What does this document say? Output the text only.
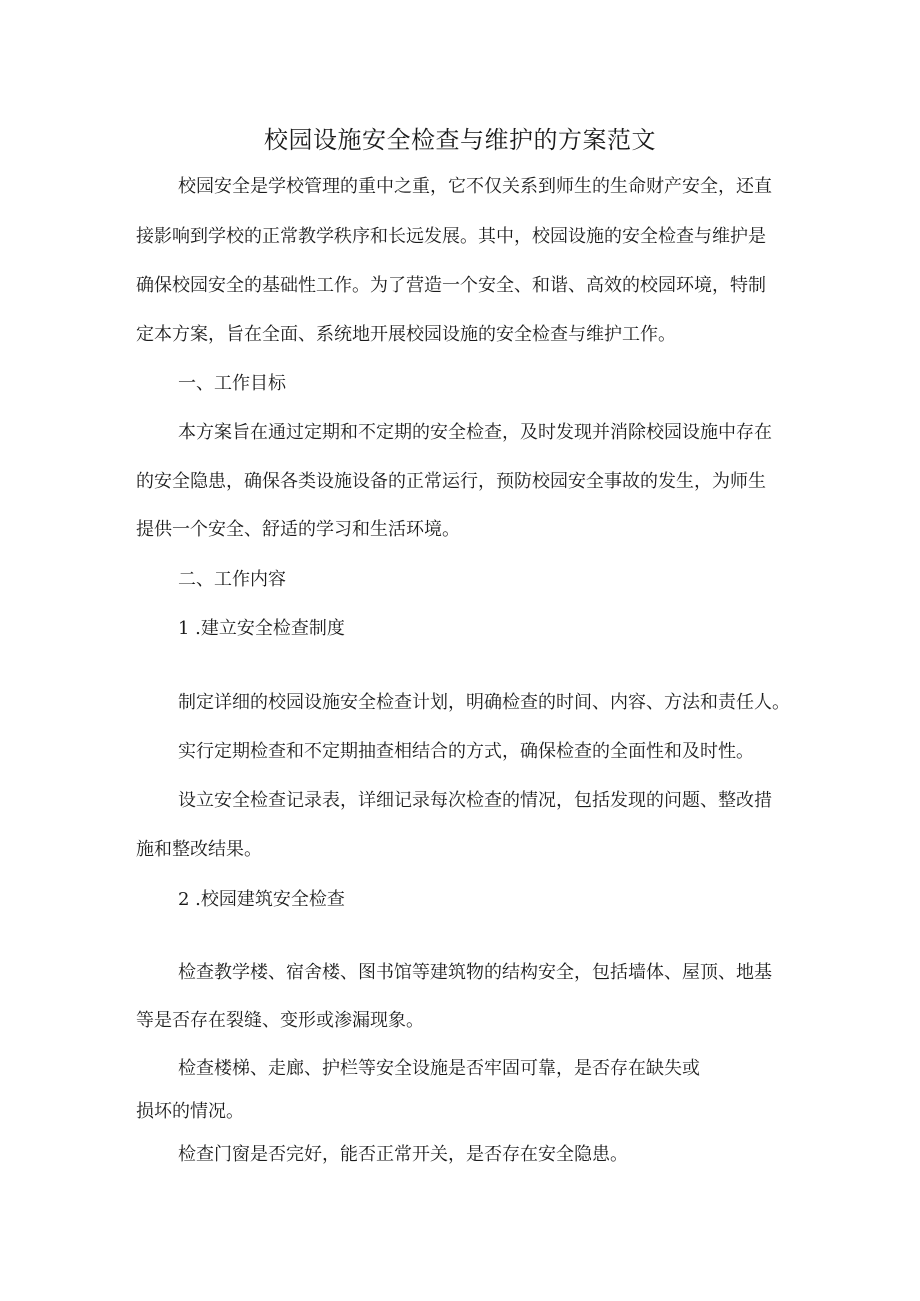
校园设施安全检查与维护的方案范文
校园安全是学校管理的重中之重，它不仅关系到师生的生命财产安全，还直
接影响到学校的正常教学秩序和长远发展。其中，校园设施的安全检查与维护是
确保校园安全的基础性工作。为了营造一个安全、和谐、高效的校园环境，特制
定本方案，旨在全面、系统地开展校园设施的安全检查与维护工作。
一、工作目标
本方案旨在通过定期和不定期的安全检查，及时发现并消除校园设施中存在
的安全隐患，确保各类设施设备的正常运行，预防校园安全事故的发生，为师生
提供一个安全、舒适的学习和生活环境。
二、工作内容
1 .建立安全检查制度
制定详细的校园设施安全检查计划，明确检查的时间、内容、方法和责任人。
实行定期检查和不定期抽查相结合的方式，确保检查的全面性和及时性。
设立安全检查记录表，详细记录每次检查的情况，包括发现的问题、整改措
施和整改结果。
2 .校园建筑安全检查
检查教学楼、宿舍楼、图书馆等建筑物的结构安全，包括墙体、屋顶、地基
等是否存在裂缝、变形或渗漏现象。
检查楼梯、走廊、护栏等安全设施是否牢固可靠，是否存在缺失或
损坏的情况。
检查门窗是否完好，能否正常开关，是否存在安全隐患。
